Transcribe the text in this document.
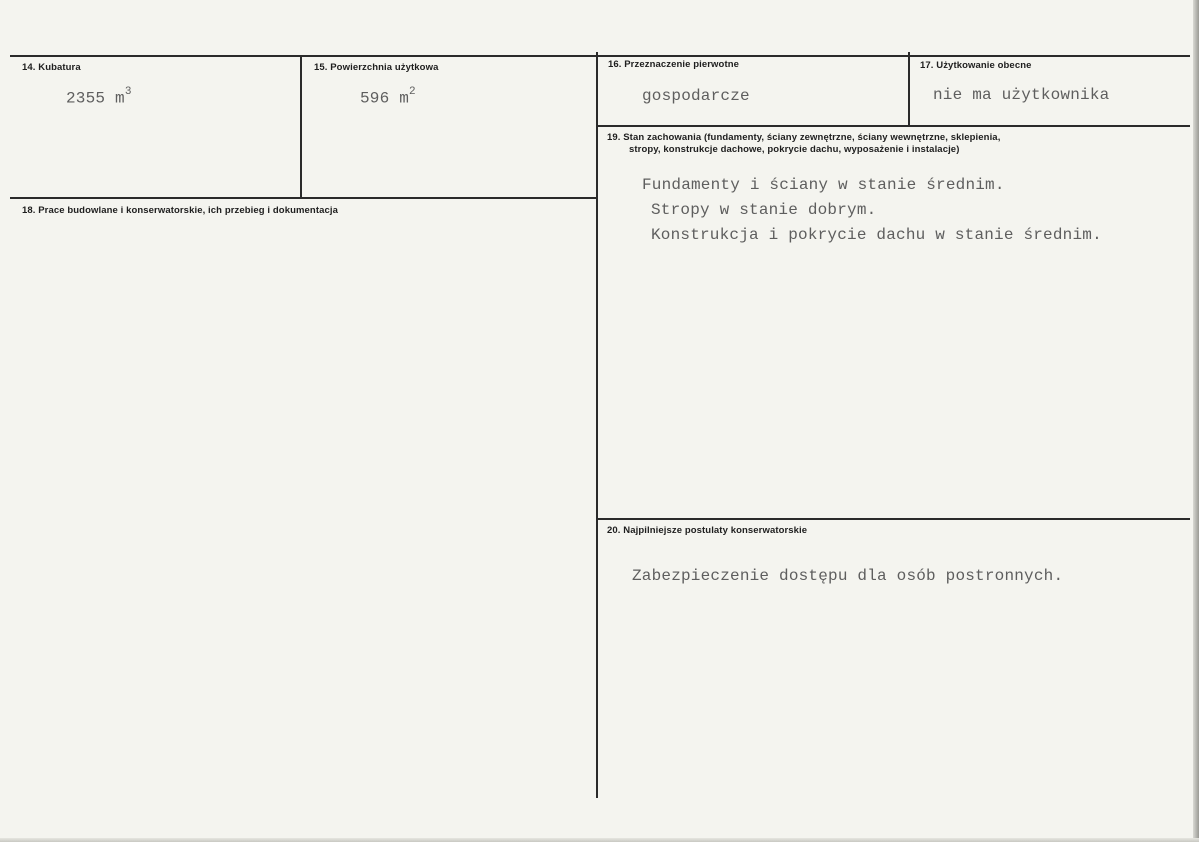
14. Kubatura
2355 $m^3$
15. Powierzchnia użytkowa
596 $m^2$
16. Przeznaczenie pierwotne
gospodarcze
17. Użytkowanie obecne
nie ma użytkownika
18. Prace budowlane i konserwatorskie, ich przebieg i dokumentacja
19. Stan zachowania (fundamenty, ściany zewnętrzne, ściany wewnętrzne, sklepienia,
stropy, konstrukcje dachowe, pokrycie dachu, wyposażenie i instalacje)
Fundamenty i ściany w stanie średnim.
Stropy w stanie dobrym.
Konstrukcja i pokrycie dachu w stanie średnim.
20. Najpilniejsze postulaty konserwatorskie
Zabezpieczenie dostępu dla osób postronnych.
